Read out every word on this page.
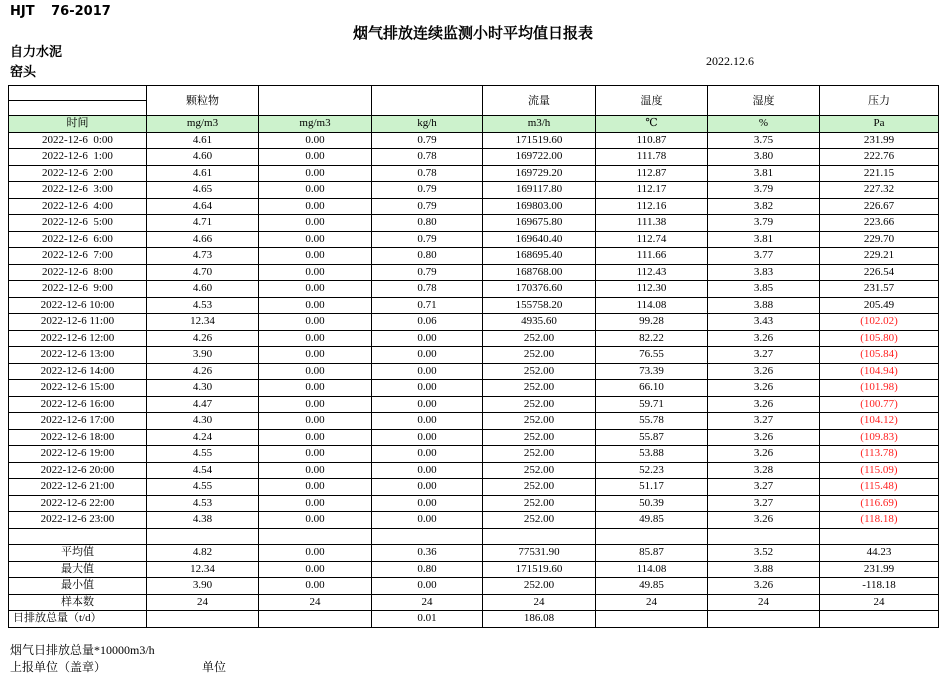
HJT 76-2017
烟气排放连续监测小时平均值日报表
自力水泥
窑头
2022.12.6
	颗粒物			流量	温度	湿度	压力

时间	mg/m3	mg/m3	kg/h	m3/h	℃	%	Pa
2022-12-6  0:00	4.61	0.00	0.79	171519.60	110.87	3.75	231.99
2022-12-6  1:00	4.60	0.00	0.78	169722.00	111.78	3.80	222.76
2022-12-6  2:00	4.61	0.00	0.78	169729.20	112.87	3.81	221.15
2022-12-6  3:00	4.65	0.00	0.79	169117.80	112.17	3.79	227.32
2022-12-6  4:00	4.64	0.00	0.79	169803.00	112.16	3.82	226.67
2022-12-6  5:00	4.71	0.00	0.80	169675.80	111.38	3.79	223.66
2022-12-6  6:00	4.66	0.00	0.79	169640.40	112.74	3.81	229.70
2022-12-6  7:00	4.73	0.00	0.80	168695.40	111.66	3.77	229.21
2022-12-6  8:00	4.70	0.00	0.79	168768.00	112.43	3.83	226.54
2022-12-6  9:00	4.60	0.00	0.78	170376.60	112.30	3.85	231.57
2022-12-6 10:00	4.53	0.00	0.71	155758.20	114.08	3.88	205.49
2022-12-6 11:00	12.34	0.00	0.06	4935.60	99.28	3.43	(102.02)
2022-12-6 12:00	4.26	0.00	0.00	252.00	82.22	3.26	(105.80)
2022-12-6 13:00	3.90	0.00	0.00	252.00	76.55	3.27	(105.84)
2022-12-6 14:00	4.26	0.00	0.00	252.00	73.39	3.26	(104.94)
2022-12-6 15:00	4.30	0.00	0.00	252.00	66.10	3.26	(101.98)
2022-12-6 16:00	4.47	0.00	0.00	252.00	59.71	3.26	(100.77)
2022-12-6 17:00	4.30	0.00	0.00	252.00	55.78	3.27	(104.12)
2022-12-6 18:00	4.24	0.00	0.00	252.00	55.87	3.26	(109.83)
2022-12-6 19:00	4.55	0.00	0.00	252.00	53.88	3.26	(113.78)
2022-12-6 20:00	4.54	0.00	0.00	252.00	52.23	3.28	(115.09)
2022-12-6 21:00	4.55	0.00	0.00	252.00	51.17	3.27	(115.48)
2022-12-6 22:00	4.53	0.00	0.00	252.00	50.39	3.27	(116.69)
2022-12-6 23:00	4.38	0.00	0.00	252.00	49.85	3.26	(118.18)

平均值	4.82	0.00	0.36	77531.90	85.87	3.52	44.23
最大值	12.34	0.00	0.80	171519.60	114.08	3.88	231.99
最小值	3.90	0.00	0.00	252.00	49.85	3.26	-118.18
样本数	24	24	24	24	24	24	24
日排放总量（t/d）			0.01	186.08			
烟气日排放总量*10000m3/h
上报单位（盖章）	单位
